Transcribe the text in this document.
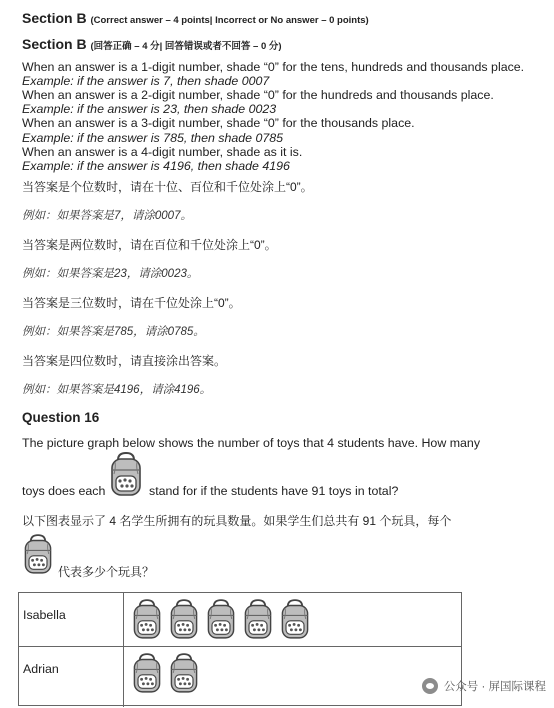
Section B (Correct answer – 4 points| Incorrect or No answer – 0 points)
Section B (回答正确 – 4 分| 回答错误或者不回答 – 0 分)
When an answer is a 1-digit number, shade “0” for the tens, hundreds and thousands place.
Example: if the answer is 7, then shade 0007
When an answer is a 2-digit number, shade “0” for the hundreds and thousands place.
Example: if the answer is 23, then shade 0023
When an answer is a 3-digit number, shade “0” for the thousands place.
Example: if the answer is 785, then shade 0785
When an answer is a 4-digit number, shade as it is.
Example: if the answer is 4196, then shade 4196
当答案是个位数时，请在十位、百位和千位处涂上“0”。
例如：如果答案是7，请涂0007。
当答案是两位数时，请在百位和千位处涂上“0”。
例如：如果答案是23，请涂0023。
当答案是三位数时，请在千位处涂上“0”。
例如：如果答案是785，请涂0785。
当答案是四位数时，请直接涂出答案。
例如：如果答案是4196，请涂4196。
Question 16
The picture graph below shows the number of toys that 4 students have. How many
toys does each	stand for if the students have 91 toys in total?
以下图表显示了 4 名学生所拥有的玩具数量。如果学生们总共有 91 个玩具，每个
代表多少个玩具？
Isabella
Adrian
公众号 · 屏国际课程
